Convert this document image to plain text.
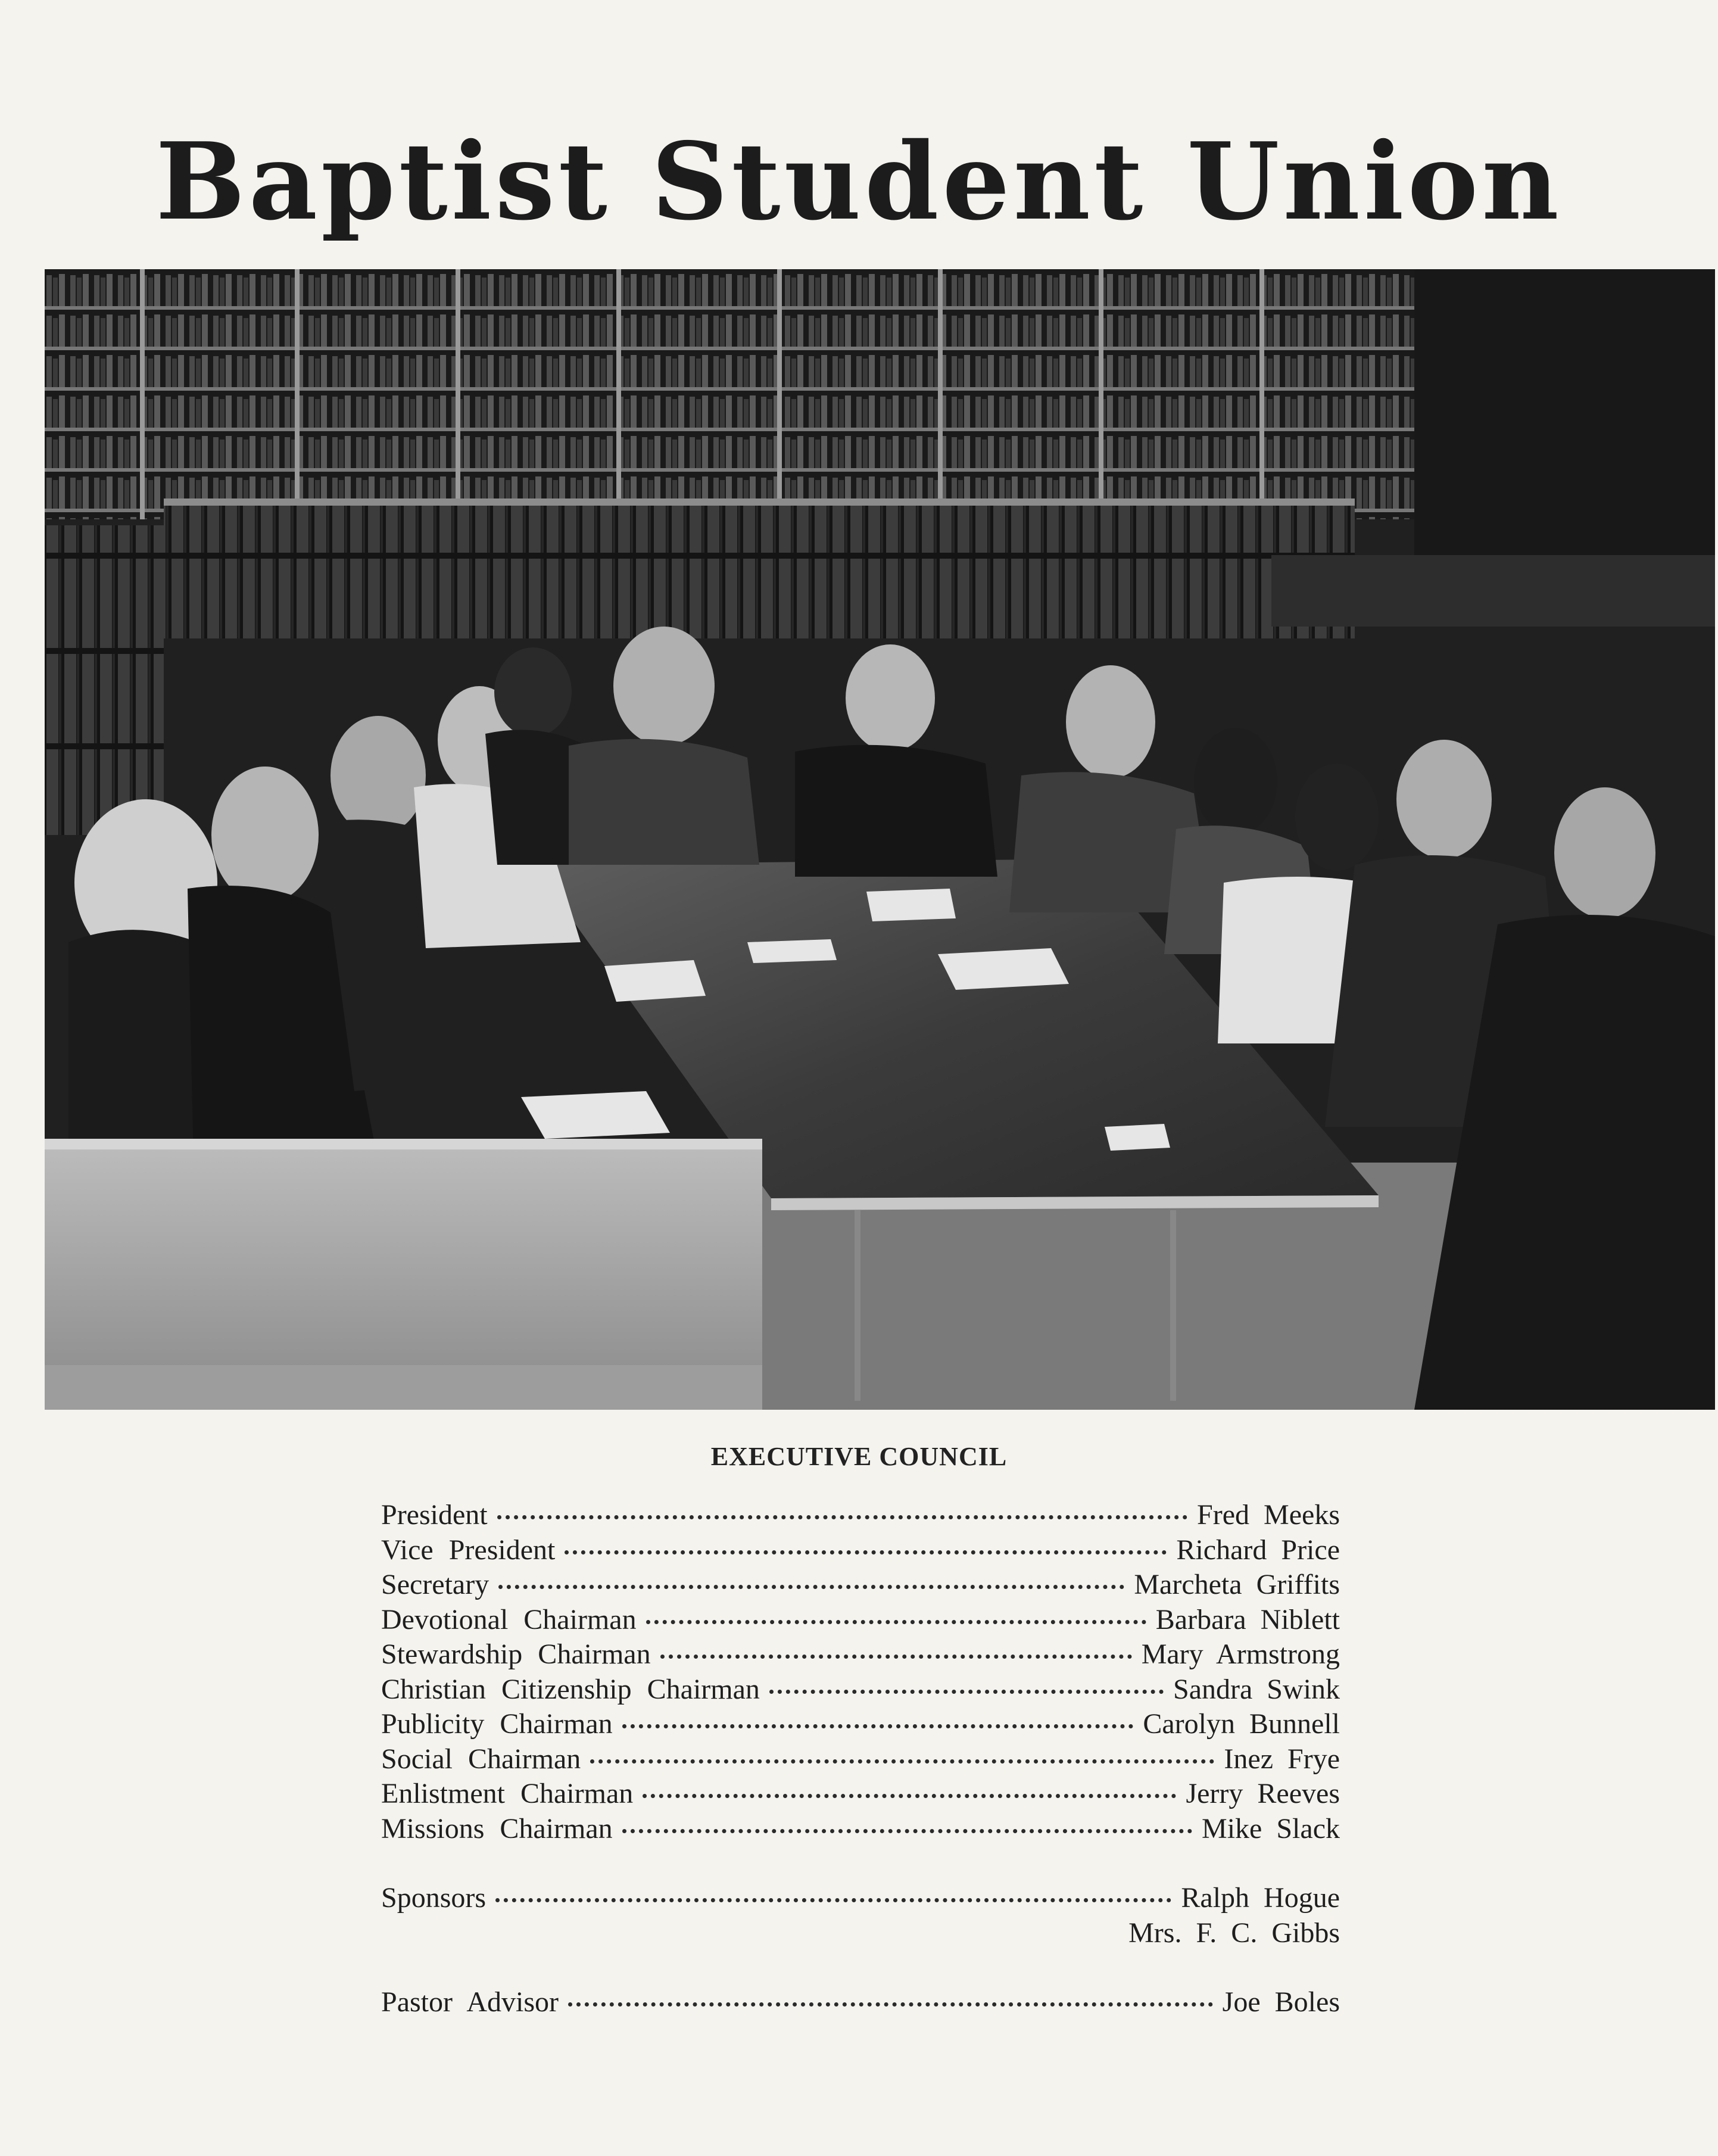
Baptist Student Union
EXECUTIVE COUNCIL
President	Fred Meeks
Vice President	Richard Price
Secretary	Marcheta Griffits
Devotional Chairman	Barbara Niblett
Stewardship Chairman	Mary Armstrong
Christian Citizenship Chairman	Sandra Swink
Publicity Chairman	Carolyn Bunnell
Social Chairman	Inez Frye
Enlistment Chairman	Jerry Reeves
Missions Chairman	Mike Slack
Sponsors	Ralph Hogue
Mrs. F. C. Gibbs
Pastor Advisor	Joe Boles
